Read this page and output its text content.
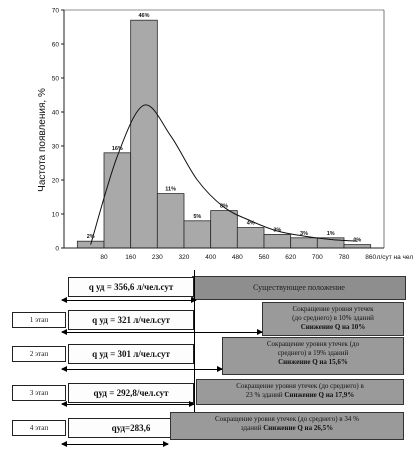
0
10
20
30
40
50
60
70
2%
16%
46%
11%
5%
8%
4%
3%
3%	1%
0%
80	160 230 320 400 480 560 620 700 780 860 л/сут на чел
Частота появления, %
Существующее положение
q уд = 356,6 л/чел.сут
1 этап	q уд = 321 л/чел.сут
Сокращение уровня утечек
(до среднего) в 10% зданий
Снижение Q на 10%
2 этап	q уд = 301 л/чел.сут
Сокращение уровня утечек (до
среднего) в 19% зданий
Снижение Q на 15,6%
3 этап	qуд = 292,8/чел.сут
Сокращение уровня утечек (до среднего) в
23 % зданий Снижение Q на 17,9%
4 этап	qуд=283,6
Сокращение уровня утечек (до среднего) в 34 %
зданий Снижение Q на 26,5%
